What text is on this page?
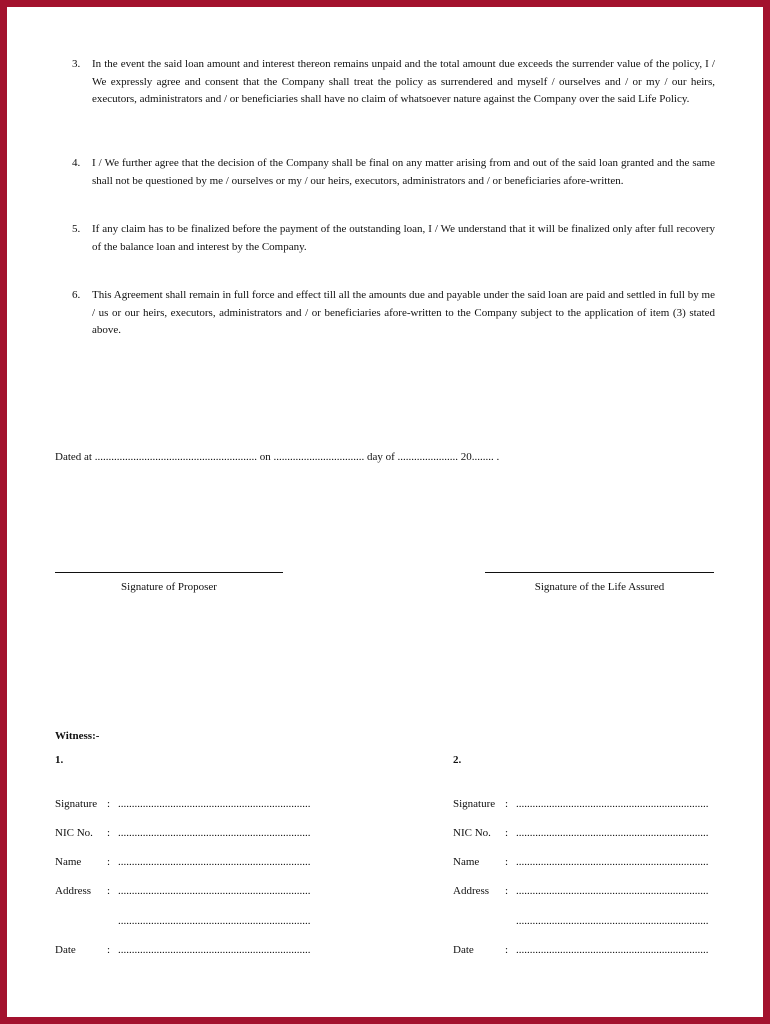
3. In the event the said loan amount and interest thereon remains unpaid and the total amount due exceeds the surrender value of the policy, I / We expressly agree and consent that the Company shall treat the policy as surrendered and myself / ourselves and / or my / our heirs, executors, administrators and / or beneficiaries shall have no claim of whatsoever nature against the Company over the said Life Policy.
4. I / We further agree that the decision of the Company shall be final on any matter arising from and out of the said loan granted and the same shall not be questioned by me / ourselves or my / our heirs, executors, administrators and / or beneficiaries afore-written.
5. If any claim has to be finalized before the payment of the outstanding loan, I / We understand that it will be finalized only after full recovery of the balance loan and interest by the Company.
6. This Agreement shall remain in full force and effect till all the amounts due and payable under the said loan are paid and settled in full by me / us or our heirs, executors, administrators and / or beneficiaries afore-written to the Company subject to the application of item (3) stated above.
Dated at ........................................................... on ................................. day of ...................... 20........ .
Signature of Proposer	Signature of the Life Assured
Witness:-
1.	2.
Signature : ......................................................................
NIC No. : ......................................................................
Name : ......................................................................
Address : ......................................................................
......................................................................
Date	: ......................................................................
Signature : ......................................................................
NIC No. : ......................................................................
Name : ......................................................................
Address : ......................................................................
......................................................................
Date	: ......................................................................
